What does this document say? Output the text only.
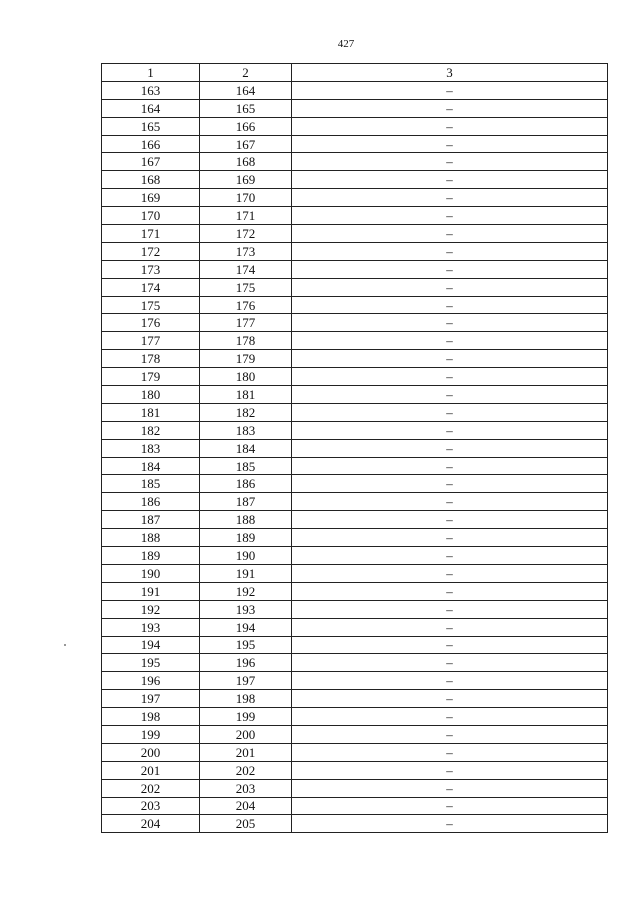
427
1	2	3
163	164	–
164	165	–
165	166	–
166	167	–
167	168	–
168	169	–
169	170	–
170	171	–
171	172	–
172	173	–
173	174	–
174	175	–
175	176	–
176	177	–
177	178	–
178	179	–
179	180	–
180	181	–
181	182	–
182	183	–
183	184	–
184	185	–
185	186	–
186	187	–
187	188	–
188	189	–
189	190	–
190	191	–
191	192	–
192	193	–
193	194	–
194	195	–
195	196	–
196	197	–
197	198	–
198	199	–
199	200	–
200	201	–
201	202	–
202	203	–
203	204	–
204	205	–
